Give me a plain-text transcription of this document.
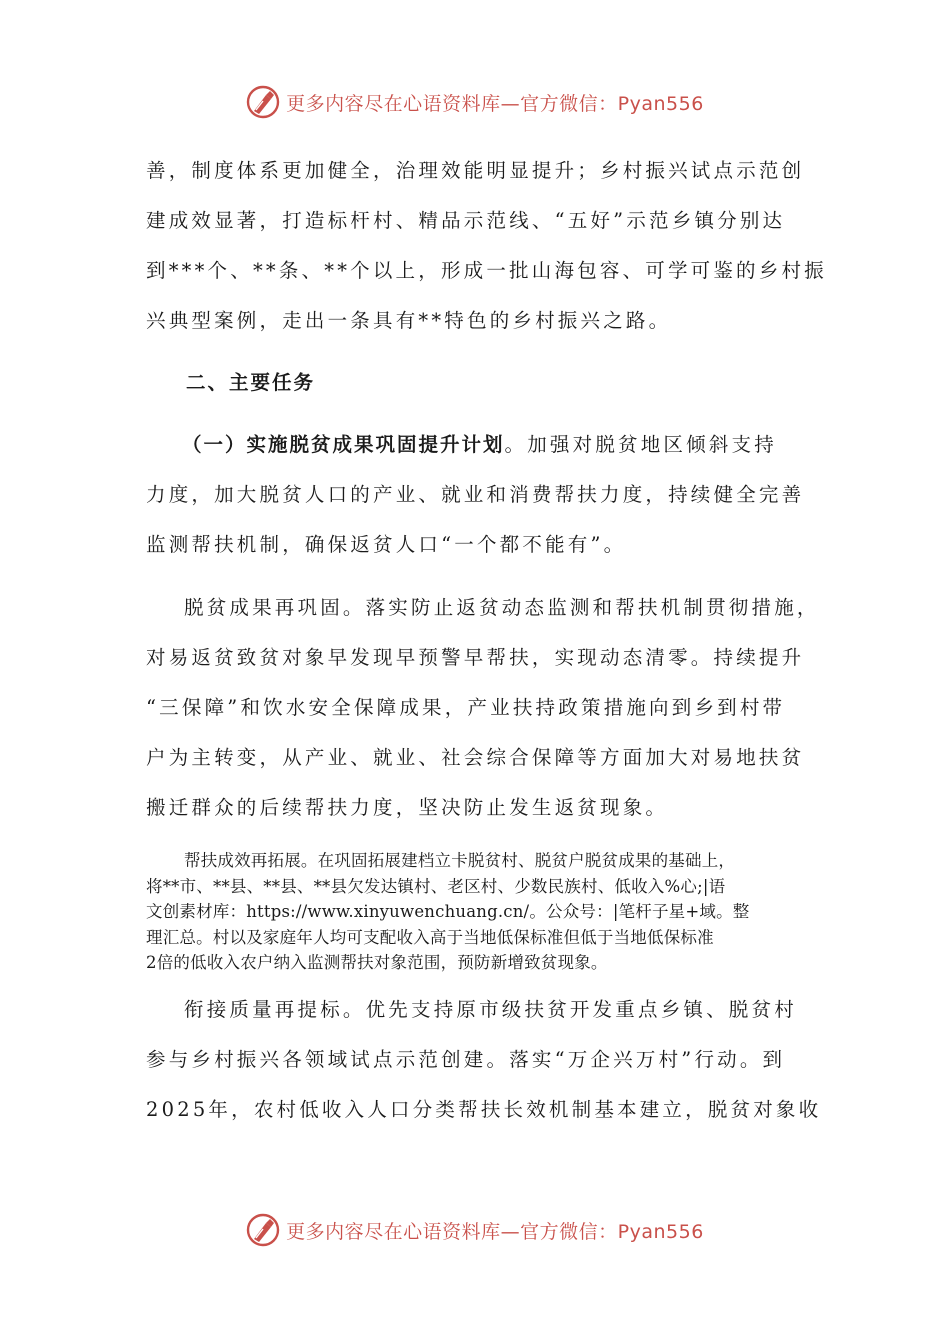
更多内容尽在心语资料库—官方微信：Pyan556
善，制度体系更加健全，治理效能明显提升；乡村振兴试点示范创
建成效显著，打造标杆村、精品示范线、“五好”示范乡镇分别达
到***个、**条、**个以上，形成一批山海包容、可学可鉴的乡村振
兴典型案例，走出一条具有**特色的乡村振兴之路。
二、主要任务
（一）实施脱贫成果巩固提升计划。加强对脱贫地区倾斜支持
力度，加大脱贫人口的产业、就业和消费帮扶力度，持续健全完善
监测帮扶机制，确保返贫人口“一个都不能有”。
脱贫成果再巩固。落实防止返贫动态监测和帮扶机制贯彻措施，
对易返贫致贫对象早发现早预警早帮扶，实现动态清零。持续提升
“三保障”和饮水安全保障成果，产业扶持政策措施向到乡到村带
户为主转变，从产业、就业、社会综合保障等方面加大对易地扶贫
搬迁群众的后续帮扶力度，坚决防止发生返贫现象。
帮扶成效再拓展。在巩固拓展建档立卡脱贫村、脱贫户脱贫成果的基础上，
将**市、**县、**县、**县欠发达镇村、老区村、少数民族村、低收入%心;|语
文创素材库：https://www.xinyuwenchuang.cn/。公众号：|笔杆子星+域。整
理汇总。村以及家庭年人均可支配收入高于当地低保标准但低于当地低保标准
2倍的低收入农户纳入监测帮扶对象范围，预防新增致贫现象。
衔接质量再提标。优先支持原市级扶贫开发重点乡镇、脱贫村
参与乡村振兴各领域试点示范创建。落实“万企兴万村”行动。到
2025年，农村低收入人口分类帮扶长效机制基本建立，脱贫对象收
更多内容尽在心语资料库—官方微信：Pyan556
